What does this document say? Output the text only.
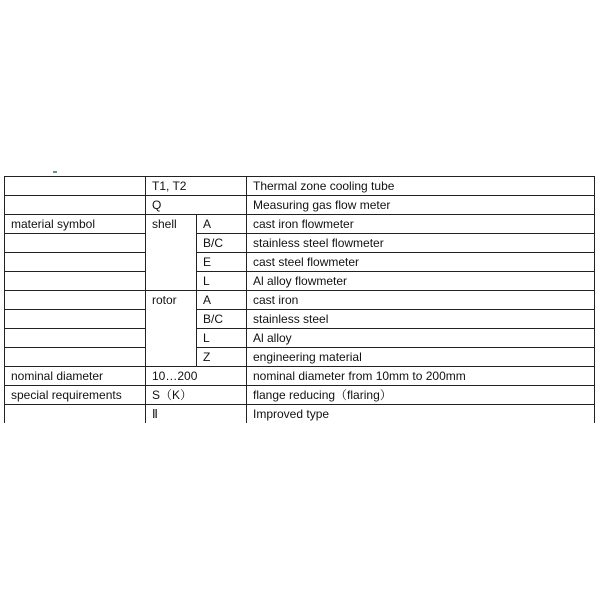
	T1, T2		Thermal zone cooling tube
	Q		Measuring gas flow meter
material symbol	shell	A	cast iron flowmeter
		B/C	stainless steel flowmeter
		E	cast steel flowmeter
		L	Al alloy flowmeter
	rotor	A	cast iron
		B/C	stainless steel
		L	Al alloy
		Z	engineering material
nominal diameter	10…200		nominal diameter from 10mm to 200mm
special requirements	S（K）		flange reducing（flaring）
	Ⅱ		Improved type
